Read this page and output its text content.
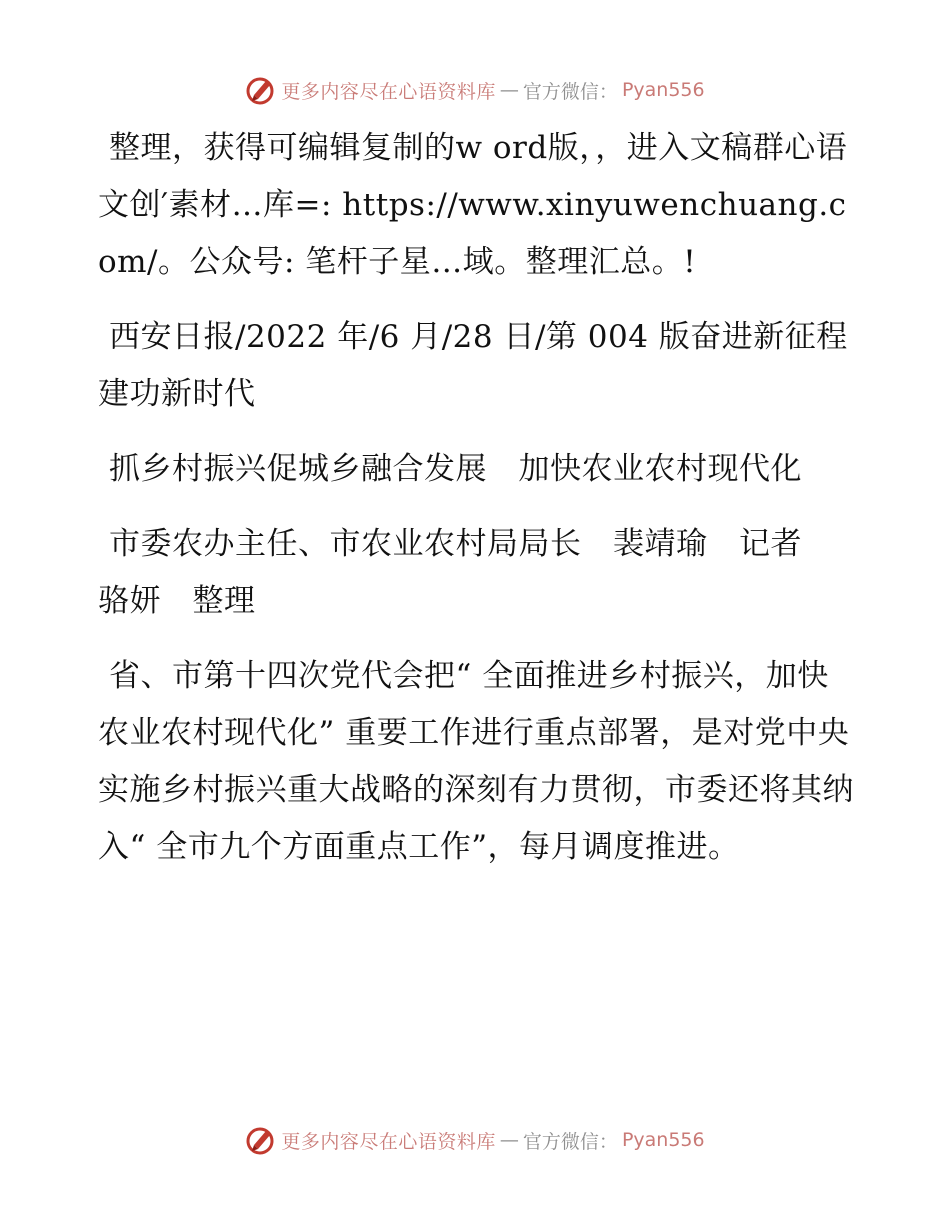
更多内容尽在心语资料库 — 官方微信： Pyan556

整理，获得可编辑复制的w ord版，，进入文稿群心语文创′素材…库=: https://www.xinyuwenchuang.com/。公众号: 笔杆子星…域。整理汇总。!

西安日报/2022 年/6 月/28 日/第 004 版奋进新征程 建功新时代

抓乡村振兴促城乡融合发展　加快农业农村现代化

市委农办主任、市农业农村局局长　裴靖瑜　记者　骆妍　整理

省、市第十四次党代会把“ 全面推进乡村振兴，加快农业农村现代化” 重要工作进行重点部署，是对党中央实施乡村振兴重大战略的深刻有力贯彻，市委还将其纳入“ 全市九个方面重点工作”，每月调度推进。

更多内容尽在心语资料库 — 官方微信： Pyan556
